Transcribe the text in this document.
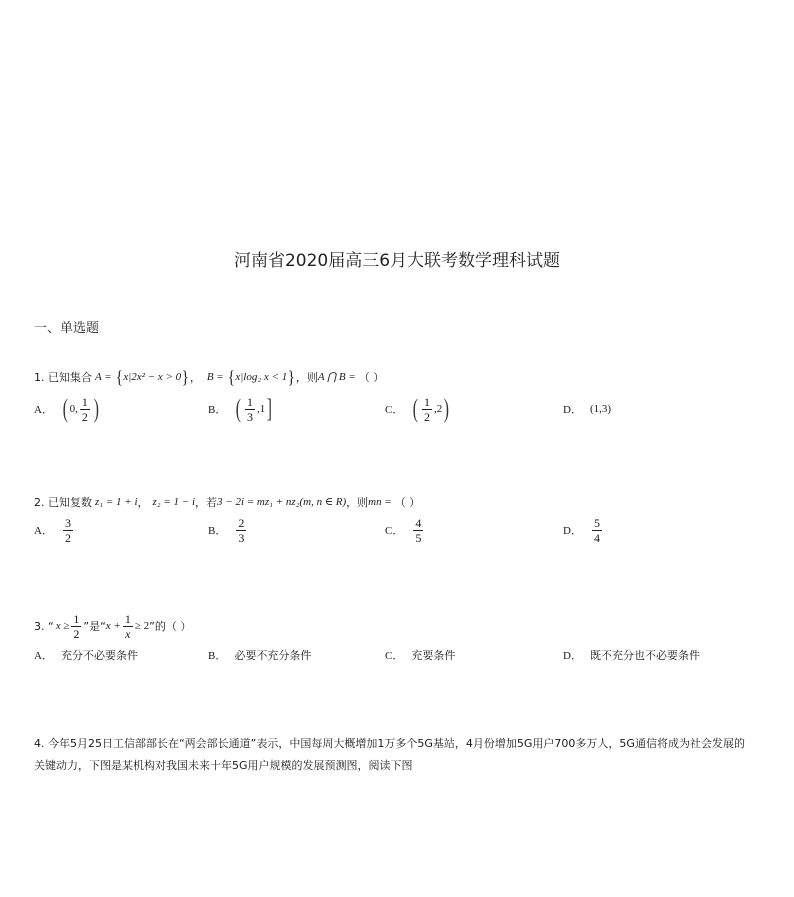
河南省2020届高三6月大联考数学理科试题
一、单选题
1. 已知集合 A = { x|2x² − x > 0 } ， B = { x|log₂ x < 1 } ，则 A ⋂ B = （ ）
A． ( 0, $\frac{1}{2}$ )	B． ( $\frac{1}{3} ,1$ ]	C． ( $\frac{1}{2} ,2$ )	D． (1,3)
2. 已知复数 z₁ = 1 + i ， z₂ = 1 − i ，若 3 − 2i = mz₁ + nz₂ (m, n ∈ R) ，则 mn = （ ）
A． $\frac{3}{2}$	B． $\frac{2}{3}$	C． $\frac{4}{5}$	D． $\frac{5}{4}$
3. “ $x \ge \frac{1}{2}$ ”是“ $x + \frac{1}{x} \ge 2$ ”的（ ）
A． 充分不必要条件	B． 必要不充分条件	C． 充要条件	D． 既不充分也不必要条件
4. 今年5月25日工信部部长在“两会部长通道”表示，中国每周大概增加1万多个5G基站，4月份增加5G用户700多万人，5G通信将成为社会发展的关键动力，下图是某机构对我国未来十年5G用户规模的发展预测图，阅读下图
